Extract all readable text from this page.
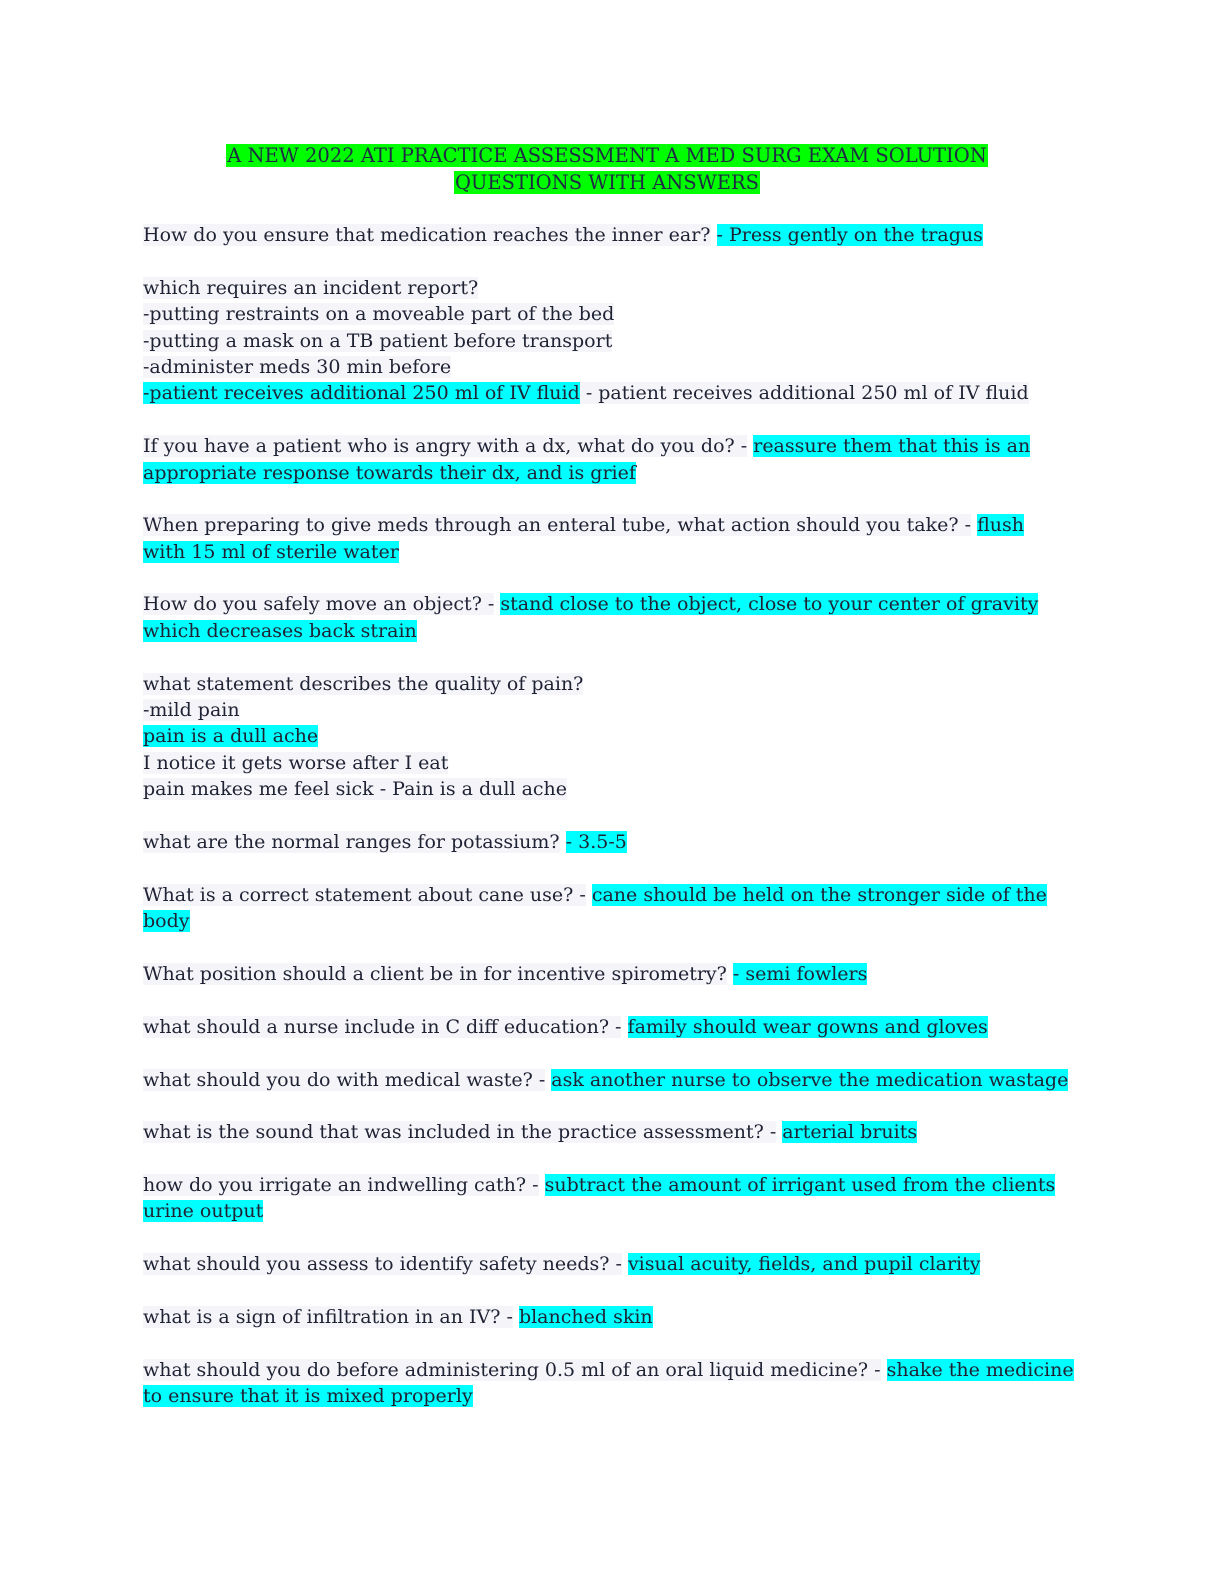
A NEW 2022 ATI PRACTICE ASSESSMENT A MED SURG EXAM SOLUTION
QUESTIONS WITH ANSWERS
How do you ensure that medication reaches the inner ear? - Press gently on the tragus
which requires an incident report?
-putting restraints on a moveable part of the bed
-putting a mask on a TB patient before transport
-administer meds 30 min before
-patient receives additional 250 ml of IV fluid - patient receives additional 250 ml of IV fluid
If you have a patient who is angry with a dx, what do you do? - reassure them that this is an
appropriate response towards their dx, and is grief
When preparing to give meds through an enteral tube, what action should you take? - flush
with 15 ml of sterile water
How do you safely move an object? - stand close to the object, close to your center of gravity
which decreases back strain
what statement describes the quality of pain?
-mild pain
pain is a dull ache
I notice it gets worse after I eat
pain makes me feel sick - Pain is a dull ache
what are the normal ranges for potassium? - 3.5-5
What is a correct statement about cane use? - cane should be held on the stronger side of the
body
What position should a client be in for incentive spirometry? - semi fowlers
what should a nurse include in C diff education? - family should wear gowns and gloves
what should you do with medical waste? - ask another nurse to observe the medication wastage
what is the sound that was included in the practice assessment? - arterial bruits
how do you irrigate an indwelling cath? - subtract the amount of irrigant used from the clients
urine output
what should you assess to identify safety needs? - visual acuity, fields, and pupil clarity
what is a sign of infiltration in an IV? - blanched skin
what should you do before administering 0.5 ml of an oral liquid medicine? - shake the medicine
to ensure that it is mixed properly
